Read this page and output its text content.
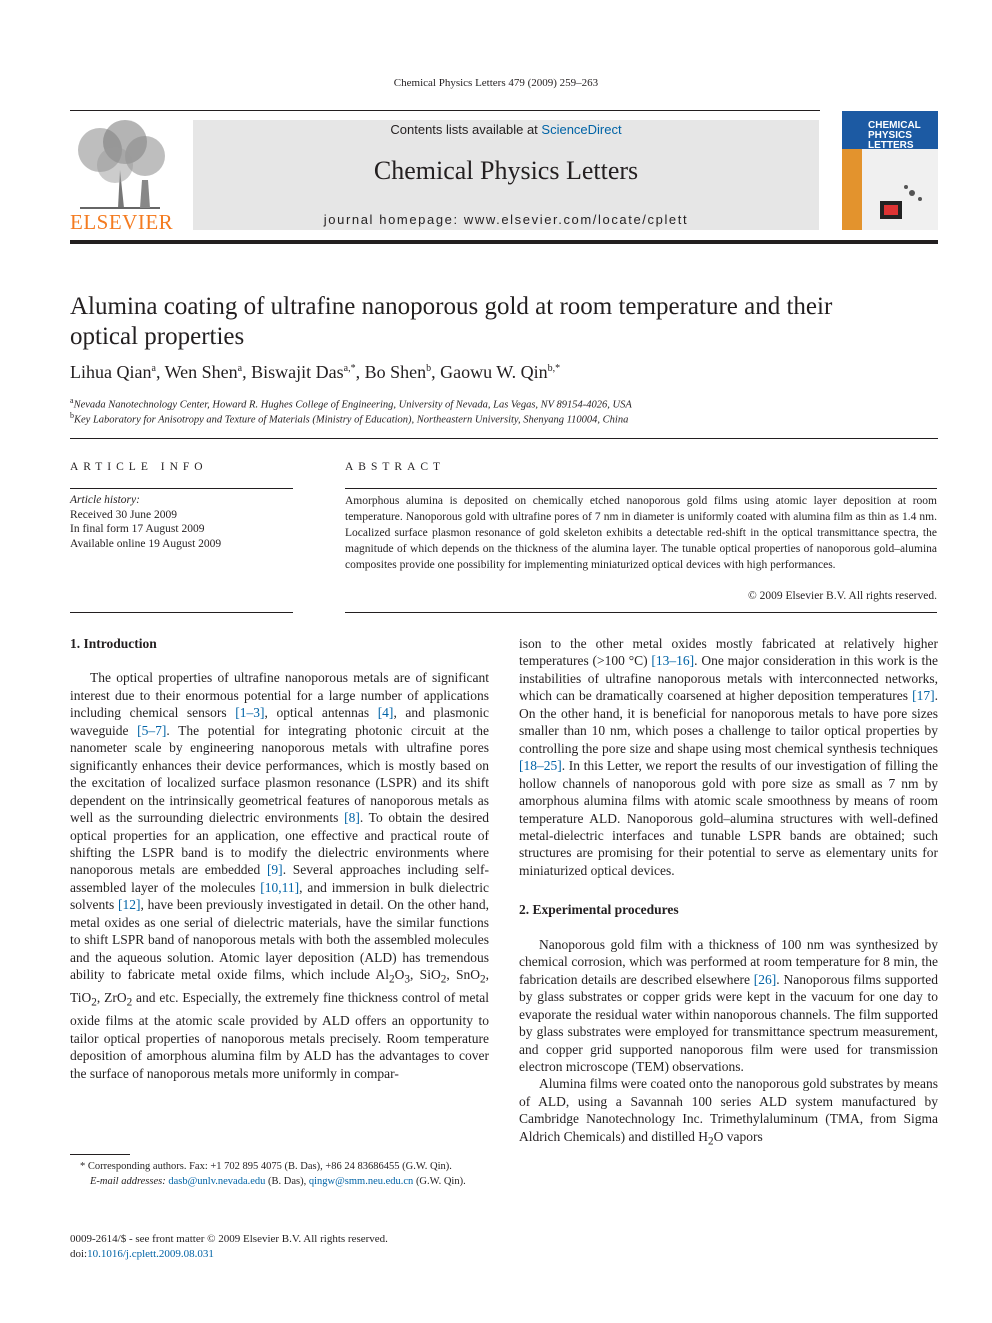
Chemical Physics Letters 479 (2009) 259–263
ELSEVIER
Contents lists available at ScienceDirect
Chemical Physics Letters
journal homepage: www.elsevier.com/locate/cplett
CHEMICAL
PHYSICS
LETTERS
Alumina coating of ultrafine nanoporous gold at room temperature and their
optical properties
Lihua Qian$^a$, Wen Shen$^a$, Biswajit Das$^{a,*}$, Bo Shen$^b$, Gaowu W. Qin$^{b,*}$
$^a$Nevada Nanotechnology Center, Howard R. Hughes College of Engineering, University of Nevada, Las Vegas, NV 89154-4026, USA
$^b$Key Laboratory for Anisotropy and Texture of Materials (Ministry of Education), Northeastern University, Shenyang 110004, China
ARTICLE INFO
Article history:
Received 30 June 2009
In final form 17 August 2009
Available online 19 August 2009
ABSTRACT
Amorphous alumina is deposited on chemically etched nanoporous gold films using atomic layer deposition at room temperature. Nanoporous gold with ultrafine pores of 7 nm in diameter is uniformly coated with alumina film as thin as 1.4 nm. Localized surface plasmon resonance of gold skeleton exhibits a detectable red-shift in the optical transmittance spectra, the magnitude of which depends on the thickness of the alumina layer. The tunable optical properties of nanoporous gold–alumina composites provide one possibility for implementing miniaturized optical devices with high performances.
© 2009 Elsevier B.V. All rights reserved.
1. Introduction

The optical properties of ultrafine nanoporous metals are of significant interest due to their enormous potential for a large number of applications including chemical sensors [1–3], optical antennas [4], and plasmonic waveguide [5–7]. The potential for integrating photonic circuit at the nanometer scale by engineering nanoporous metals with ultrafine pores significantly enhances their device performances, which is mostly based on the excitation of localized surface plasmon resonance (LSPR) and its shift dependent on the intrinsically geometrical features of nanoporous metals as well as the surrounding dielectric environments [8]. To obtain the desired optical properties for an application, one effective and practical route of shifting the LSPR band is to modify the dielectric environments where nanoporous metals are embedded [9]. Several approaches including self-assembled layer of the molecules [10,11], and immersion in bulk dielectric solvents [12], have been previously investigated in detail. On the other hand, metal oxides as one serial of dielectric materials, have the similar functions to shift LSPR band of nanoporous metals with both the assembled molecules and the aqueous solution. Atomic layer deposition (ALD) has tremendous ability to fabricate metal oxide films, which include $Al_2O_3$, SiO$_2$, SnO$_2$, TiO$_2$, ZrO$_2$ and etc. Especially, the extremely fine thickness control of metal oxide films at the atomic scale provided by ALD offers an opportunity to tailor optical properties of nanoporous metals precisely. Room temperature deposition of amorphous alumina film by ALD has the advantages to cover the surface of nanoporous metals more uniformly in compar-

ison to the other metal oxides mostly fabricated at relatively higher temperatures (>100 °C) [13–16]. One major consideration in this work is the instabilities of ultrafine nanoporous metals with interconnected networks, which can be dramatically coarsened at higher deposition temperatures [17]. On the other hand, it is beneficial for nanoporous metals to have pore sizes smaller than 10 nm, which poses a challenge to tailor optical properties by controlling the pore size and shape using most chemical synthesis techniques [18–25]. In this Letter, we report the results of our investigation of filling the hollow channels of nanoporous gold with pore size as small as 7 nm by amorphous alumina films with atomic scale smoothness by means of room temperature ALD. Nanoporous gold–alumina structures with well-defined metal-dielectric interfaces and tunable LSPR bands are obtained; such structures are promising for their potential to serve as elementary units for miniaturized optical devices.

2. Experimental procedures

Nanoporous gold film with a thickness of 100 nm was synthesized by chemical corrosion, which was performed at room temperature for 8 min, the fabrication details are described elsewhere [26]. Nanoporous films supported by glass substrates or copper grids were kept in the vacuum for one day to evaporate the residual water within nanoporous channels. The film supported by glass substrates were employed for transmittance spectrum measurement, and copper grid supported nanoporous film were used for transmission electron microscope (TEM) observations.

Alumina films were coated onto the nanoporous gold substrates by means of ALD, using a Savannah 100 series ALD system manufactured by Cambridge Nanotechnology Inc. Trimethylaluminum (TMA, from Sigma Aldrich Chemicals) and distilled $H_2O$ vapors

* Corresponding authors. Fax: +1 702 895 4075 (B. Das), +86 24 83686455 (G.W. Qin).
E-mail addresses: dasb@unlv.nevada.edu (B. Das), qingw@smm.neu.edu.cn (G.W. Qin).
0009-2614/$ - see front matter © 2009 Elsevier B.V. All rights reserved.
doi:10.1016/j.cplett.2009.08.031
